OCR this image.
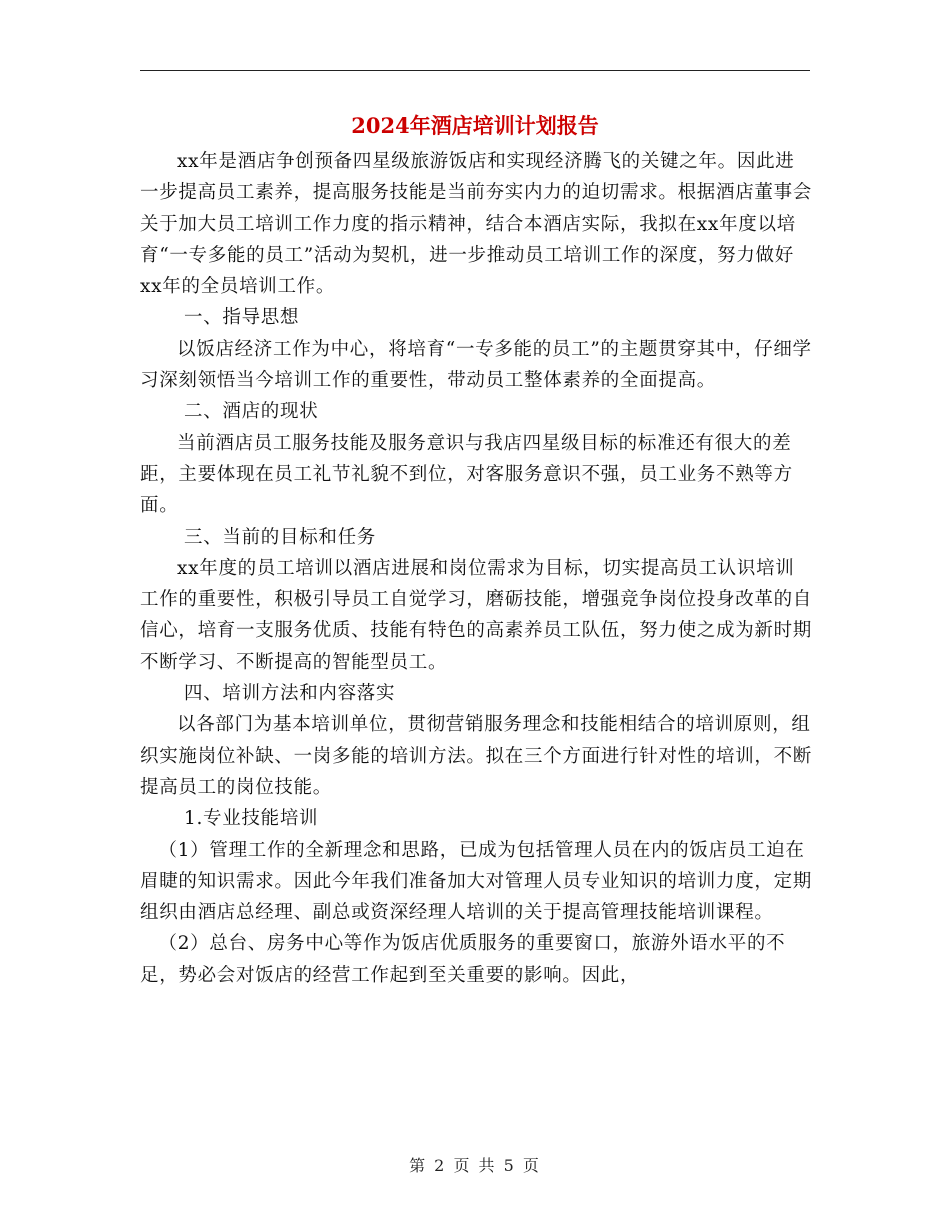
2024年酒店培训计划报告

xx年是酒店争创预备四星级旅游饭店和实现经济腾飞的关键之年。因此进一步提高员工素养，提高服务技能是当前夯实内力的迫切需求。根据酒店董事会关于加大员工培训工作力度的指示精神，结合本酒店实际，我拟在xx年度以培育“一专多能的员工”活动为契机，进一步推动员工培训工作的深度，努力做好xx年的全员培训工作。

一、指导思想

以饭店经济工作为中心，将培育“一专多能的员工”的主题贯穿其中，仔细学习深刻领悟当今培训工作的重要性，带动员工整体素养的全面提高。

二、酒店的现状

当前酒店员工服务技能及服务意识与我店四星级目标的标准还有很大的差距，主要体现在员工礼节礼貌不到位，对客服务意识不强，员工业务不熟等方面。

三、当前的目标和任务

xx年度的员工培训以酒店进展和岗位需求为目标，切实提高员工认识培训工作的重要性，积极引导员工自觉学习，磨砺技能，增强竞争岗位投身改革的自信心，培育一支服务优质、技能有特色的高素养员工队伍，努力使之成为新时期不断学习、不断提高的智能型员工。

四、培训方法和内容落实

以各部门为基本培训单位，贯彻营销服务理念和技能相结合的培训原则，组织实施岗位补缺、一岗多能的培训方法。拟在三个方面进行针对性的培训，不断提高员工的岗位技能。

1.专业技能培训

（1）管理工作的全新理念和思路，已成为包括管理人员在内的饭店员工迫在眉睫的知识需求。因此今年我们准备加大对管理人员专业知识的培训力度，定期组织由酒店总经理、副总或资深经理人培训的关于提高管理技能培训课程。

（2）总台、房务中心等作为饭店优质服务的重要窗口，旅游外语水平的不足，势必会对饭店的经营工作起到至关重要的影响。因此，

第 2 页 共 5 页
